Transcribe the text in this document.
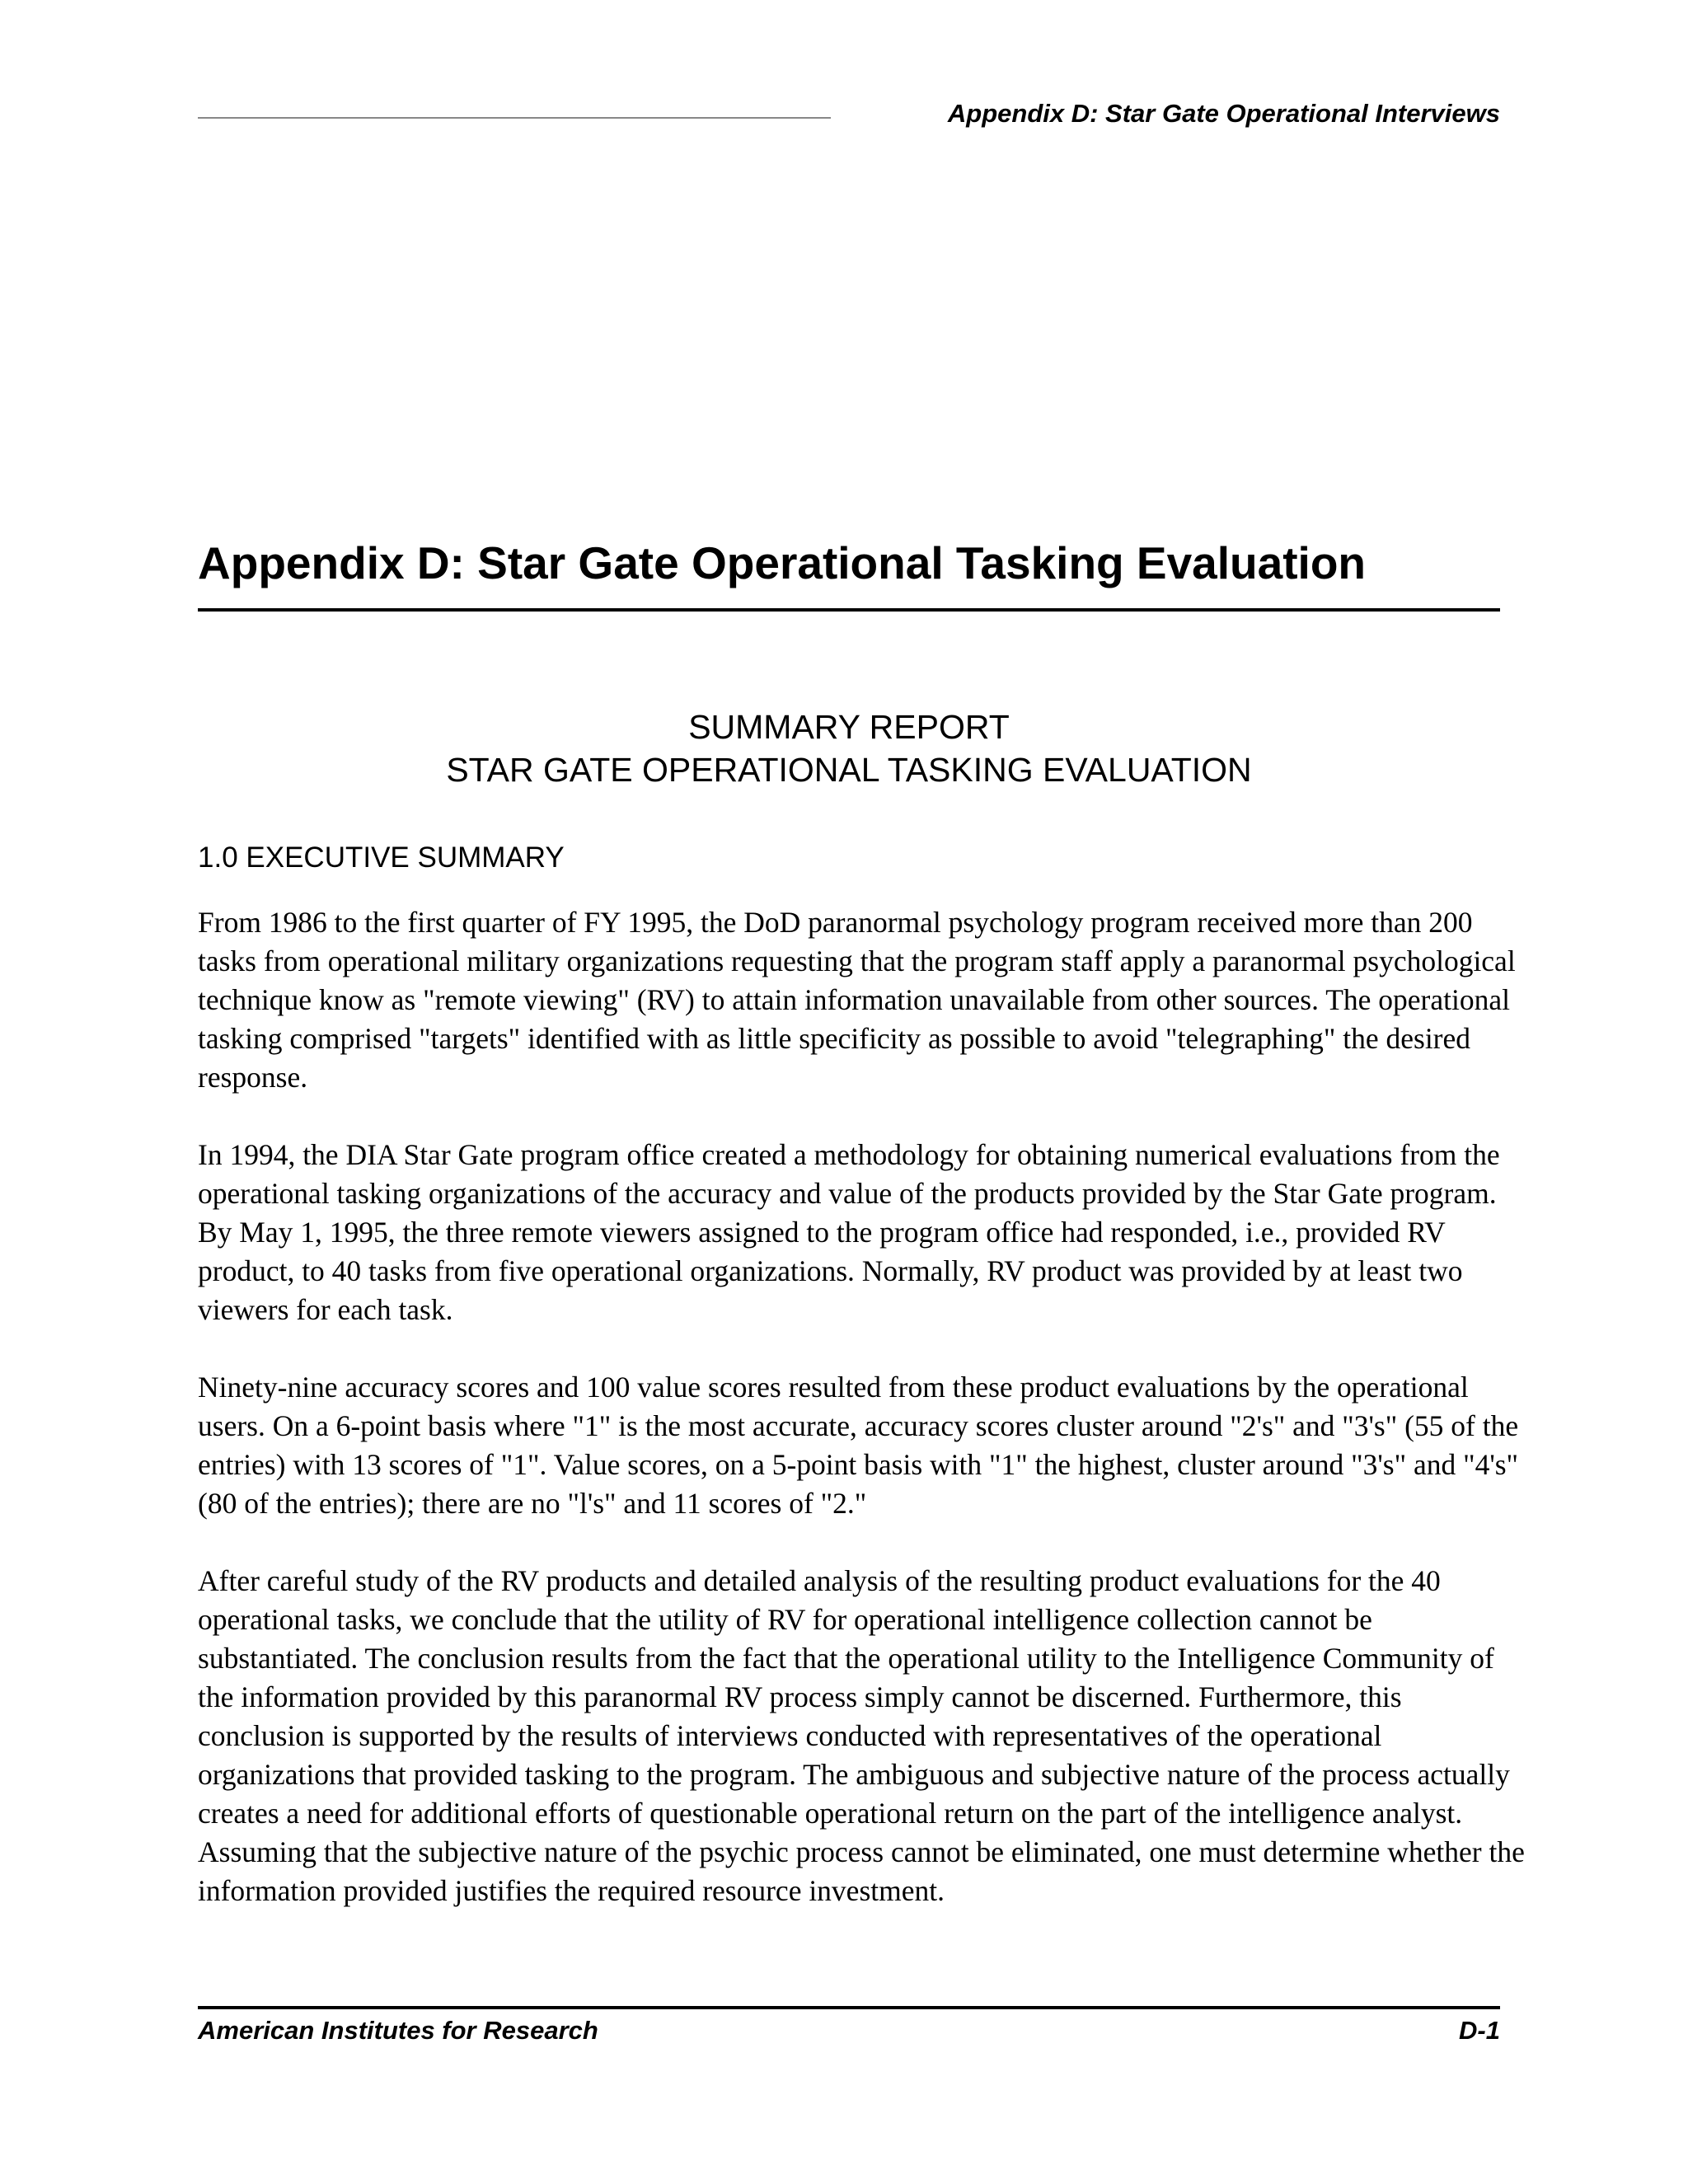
Appendix D: Star Gate Operational Interviews
Appendix D: Star Gate Operational Tasking Evaluation
SUMMARY REPORT
STAR GATE OPERATIONAL TASKING EVALUATION
1.0 EXECUTIVE SUMMARY

From 1986 to the first quarter of FY 1995, the DoD paranormal psychology program received more than 200 tasks from operational military organizations requesting that the program staff apply a paranormal psychological technique know as "remote viewing" (RV) to attain information unavailable from other sources. The operational tasking comprised "targets" identified with as little specificity as possible to avoid "telegraphing" the desired response.

In 1994, the DIA Star Gate program office created a methodology for obtaining numerical evaluations from the operational tasking organizations of the accuracy and value of the products provided by the Star Gate program. By May 1, 1995, the three remote viewers assigned to the program office had responded, i.e., provided RV product, to 40 tasks from five operational organizations. Normally, RV product was provided by at least two viewers for each task.

Ninety-nine accuracy scores and 100 value scores resulted from these product evaluations by the operational users. On a 6-point basis where "1" is the most accurate, accuracy scores cluster around "2's" and "3's" (55 of the entries) with 13 scores of "1". Value scores, on a 5-point basis with "1" the highest, cluster around "3's" and "4's" (80 of the entries); there are no "l's" and 11 scores of "2."

After careful study of the RV products and detailed analysis of the resulting product evaluations for the 40 operational tasks, we conclude that the utility of RV for operational intelligence collection cannot be substantiated. The conclusion results from the fact that the operational utility to the Intelligence Community of the information provided by this paranormal RV process simply cannot be discerned. Furthermore, this conclusion is supported by the results of interviews conducted with representatives of the operational organizations that provided tasking to the program. The ambiguous and subjective nature of the process actually creates a need for additional efforts of questionable operational return on the part of the intelligence analyst. Assuming that the subjective nature of the psychic process cannot be eliminated, one must determine whether the information provided justifies the required resource investment.

American Institutes for Research	D-1
